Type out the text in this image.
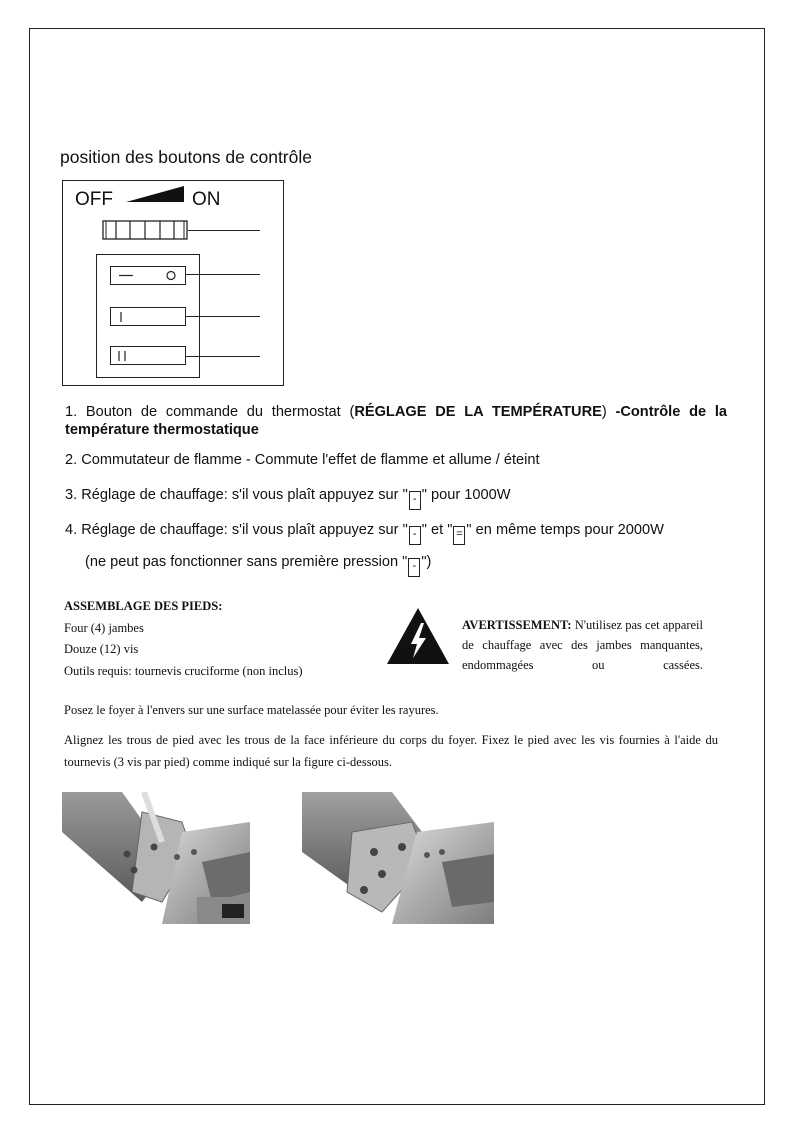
position des boutons de contrôle
OFF	ON
1. Bouton de commande du thermostat (RÉGLAGE DE LA TEMPÉRATURE) -Contrôle de la température thermostatique
2. Commutateur de flamme - Commute l'effet de flamme et allume / éteint
3. Réglage de chauffage: s'il vous plaît appuyez sur " - " pour 1000W
4. Réglage de chauffage: s'il vous plaît appuyez sur " - " et " = " en même temps pour 2000W
(ne peut pas fonctionner sans première pression " - ")
ASSEMBLAGE DES PIEDS:
Four (4) jambes
Douze (12) vis
Outils requis: tournevis cruciforme (non inclus)
AVERTISSEMENT: N'utilisez pas cet appareil de chauffage avec des jambes manquantes, endommagées ou cassées.
Posez le foyer à l'envers sur une surface matelassée pour éviter les rayures.
Alignez les trous de pied avec les trous de la face inférieure du corps du foyer. Fixez le pied avec les vis fournies à l'aide du tournevis (3 vis par pied) comme indiqué sur la figure ci-dessous.
